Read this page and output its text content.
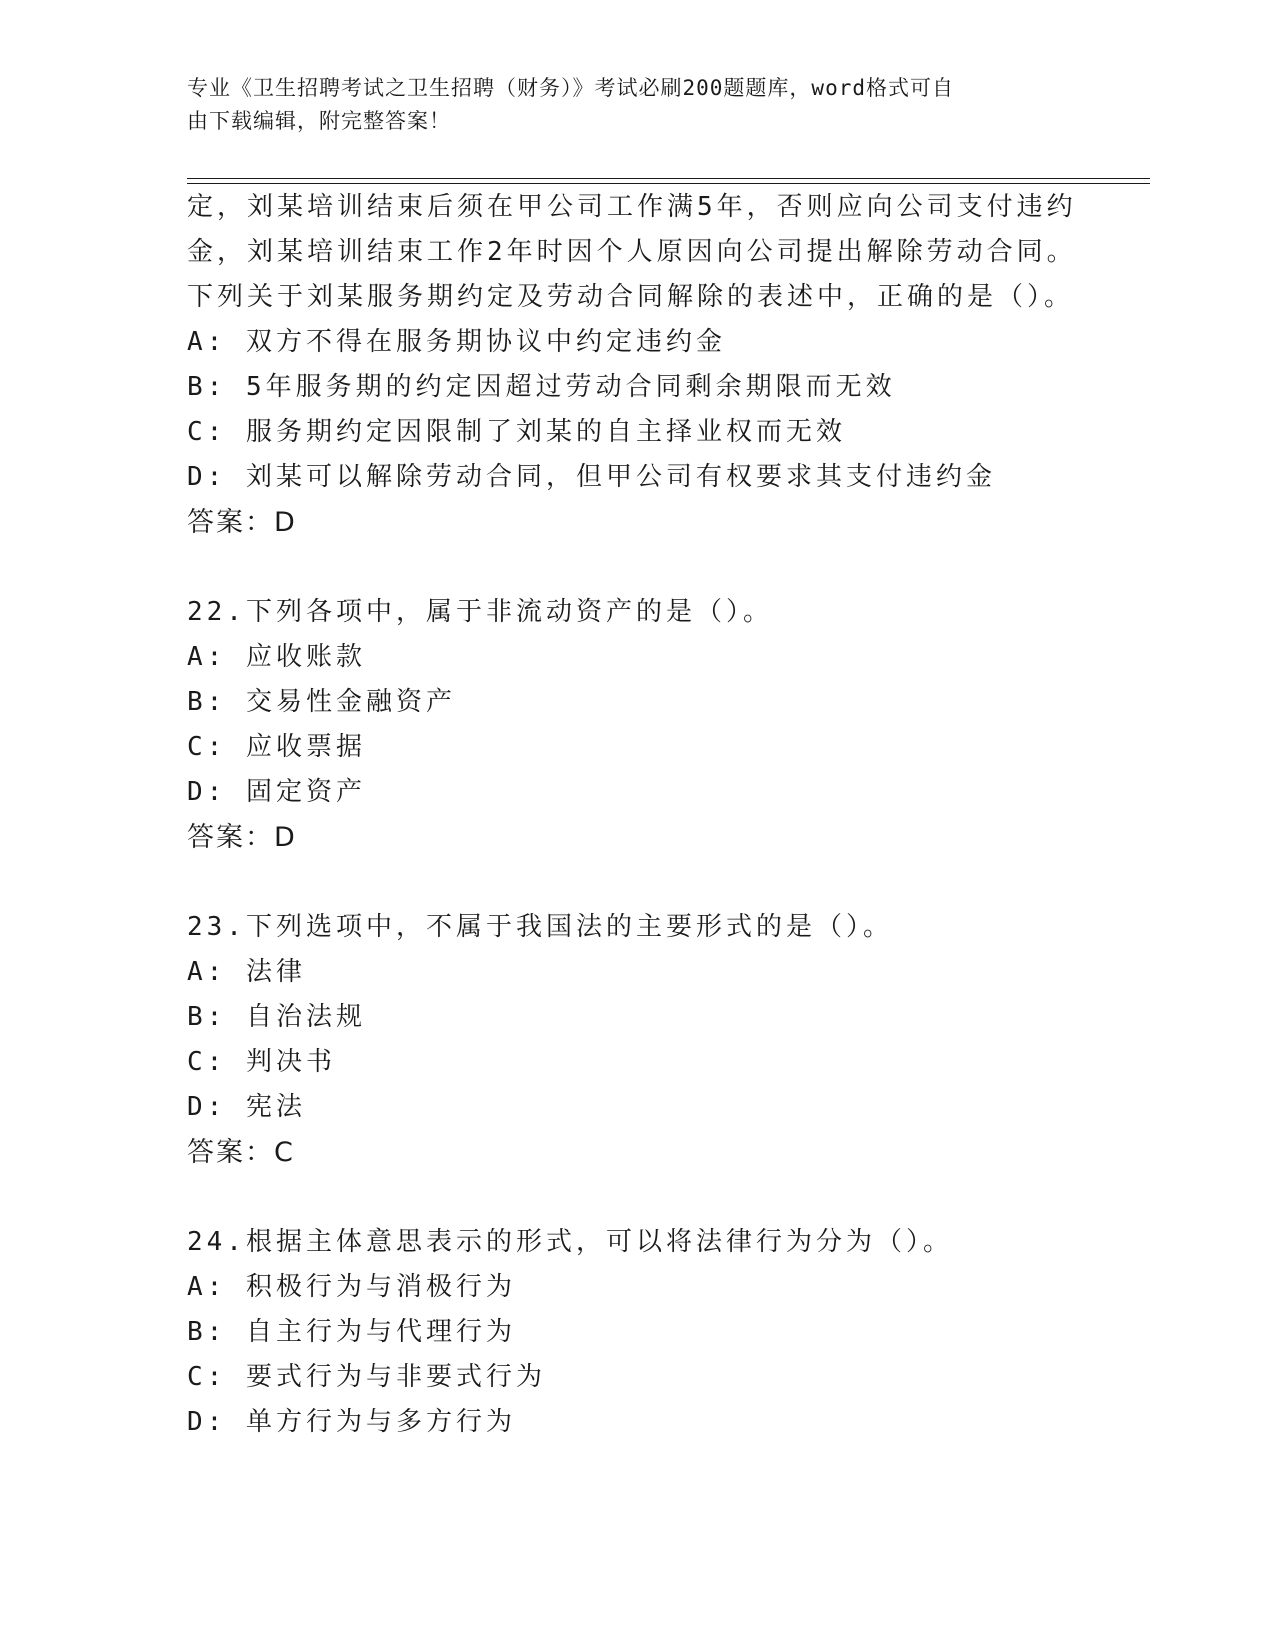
专业《卫生招聘考试之卫生招聘（财务）》考试必刷200题题库，word格式可自
由下载编辑，附完整答案！
定，刘某培训结束后须在甲公司工作满5年，否则应向公司支付违约
金，刘某培训结束工作2年时因个人原因向公司提出解除劳动合同。
下列关于刘某服务期约定及劳动合同解除的表述中，正确的是（）。
A: 双方不得在服务期协议中约定违约金
B: 5年服务期的约定因超过劳动合同剩余期限而无效
C: 服务期约定因限制了刘某的自主择业权而无效
D: 刘某可以解除劳动合同，但甲公司有权要求其支付违约金
答案：D
22.下列各项中，属于非流动资产的是（）。
A: 应收账款
B: 交易性金融资产
C: 应收票据
D: 固定资产
答案：D
23.下列选项中，不属于我国法的主要形式的是（）。
A: 法律
B: 自治法规
C: 判决书
D: 宪法
答案：C
24.根据主体意思表示的形式，可以将法律行为分为（）。
A: 积极行为与消极行为
B: 自主行为与代理行为
C: 要式行为与非要式行为
D: 单方行为与多方行为
